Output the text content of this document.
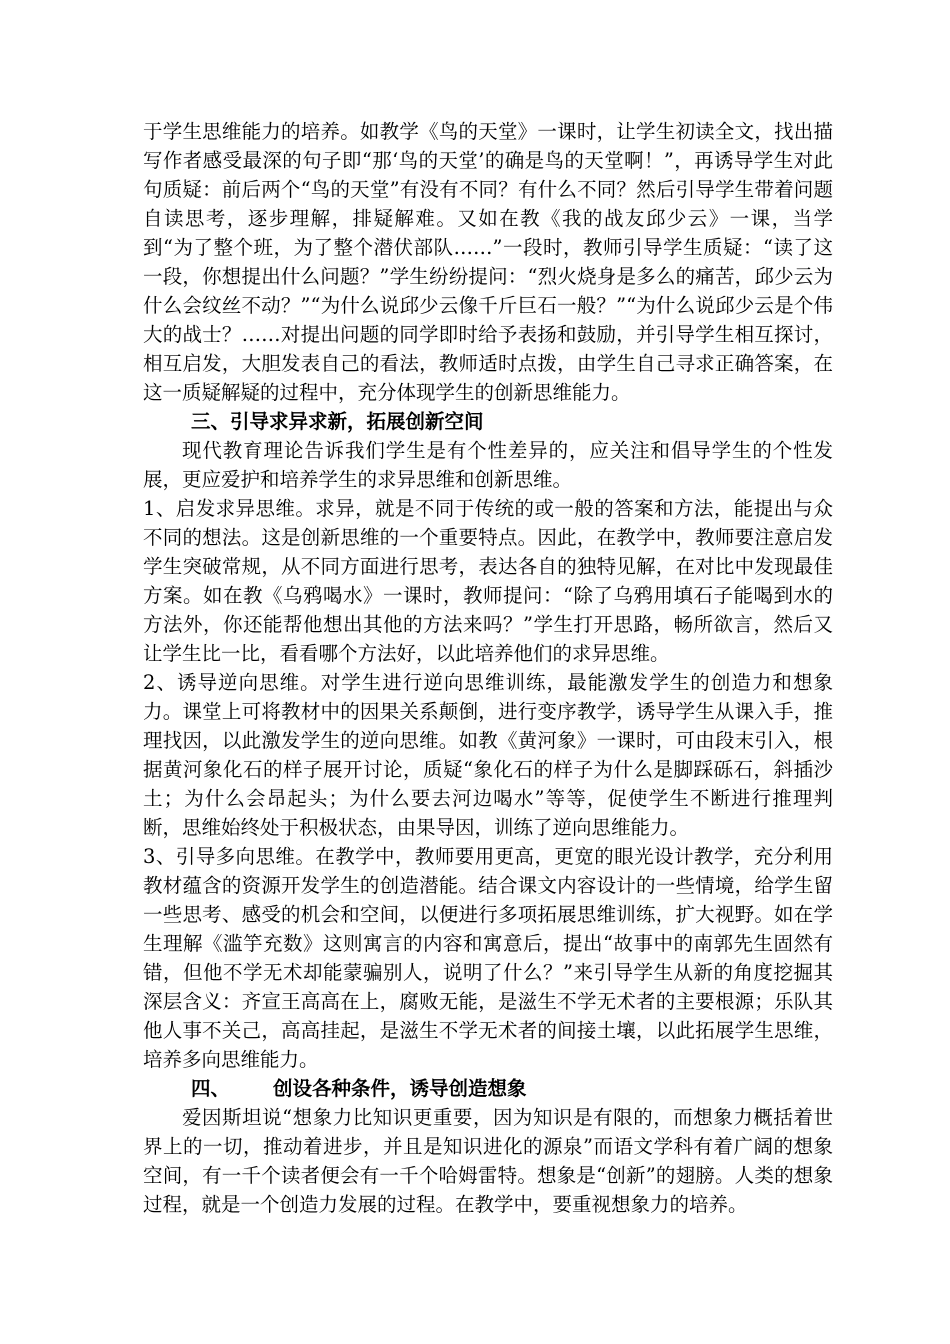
于学生思维能力的培养。如教学《鸟的天堂》一课时，让学生初读全文，找出描写作者感受最深的句子即“那‘鸟的天堂’的确是鸟的天堂啊！”，再诱导学生对此句质疑：前后两个“鸟的天堂”有没有不同？有什么不同？然后引导学生带着问题自读思考，逐步理解，排疑解难。又如在教《我的战友邱少云》一课，当学到“为了整个班，为了整个潜伏部队……”一段时，教师引导学生质疑：“读了这一段，你想提出什么问题？”学生纷纷提问：“烈火烧身是多么的痛苦，邱少云为什么会纹丝不动？”“为什么说邱少云像千斤巨石一般？”“为什么说邱少云是个伟大的战士？……对提出问题的同学即时给予表扬和鼓励，并引导学生相互探讨，相互启发，大胆发表自己的看法，教师适时点拨，由学生自己寻求正确答案，在这一质疑解疑的过程中，充分体现学生的创新思维能力。

三、引导求异求新，拓展创新空间

现代教育理论告诉我们学生是有个性差异的，应关注和倡导学生的个性发展，更应爱护和培养学生的求异思维和创新思维。

1、启发求异思维。求异，就是不同于传统的或一般的答案和方法，能提出与众不同的想法。这是创新思维的一个重要特点。因此，在教学中，教师要注意启发学生突破常规，从不同方面进行思考，表达各自的独特见解，在对比中发现最佳方案。如在教《乌鸦喝水》一课时，教师提问：“除了乌鸦用填石子能喝到水的方法外，你还能帮他想出其他的方法来吗？”学生打开思路，畅所欲言，然后又让学生比一比，看看哪个方法好，以此培养他们的求异思维。

2、诱导逆向思维。对学生进行逆向思维训练，最能激发学生的创造力和想象力。课堂上可将教材中的因果关系颠倒，进行变序教学，诱导学生从课入手，推理找因，以此激发学生的逆向思维。如教《黄河象》一课时，可由段末引入，根据黄河象化石的样子展开讨论，质疑“象化石的样子为什么是脚踩砾石，斜插沙土；为什么会昂起头；为什么要去河边喝水”等等，促使学生不断进行推理判断，思维始终处于积极状态，由果导因，训练了逆向思维能力。

3、引导多向思维。在教学中，教师要用更高，更宽的眼光设计教学，充分利用教材蕴含的资源开发学生的创造潜能。结合课文内容设计的一些情境，给学生留一些思考、感受的机会和空间，以便进行多项拓展思维训练，扩大视野。如在学生理解《滥竽充数》这则寓言的内容和寓意后，提出“故事中的南郭先生固然有错，但他不学无术却能蒙骗别人，说明了什么？”来引导学生从新的角度挖掘其深层含义：齐宣王高高在上，腐败无能，是滋生不学无术者的主要根源；乐队其他人事不关己，高高挂起，是滋生不学无术者的间接土壤，以此拓展学生思维，培养多向思维能力。

四、 创设各种条件，诱导创造想象

爱因斯坦说“想象力比知识更重要，因为知识是有限的，而想象力概括着世界上的一切，推动着进步，并且是知识进化的源泉”而语文学科有着广阔的想象空间，有一千个读者便会有一千个哈姆雷特。想象是“创新”的翅膀。人类的想象过程，就是一个创造力发展的过程。在教学中，要重视想象力的培养。
